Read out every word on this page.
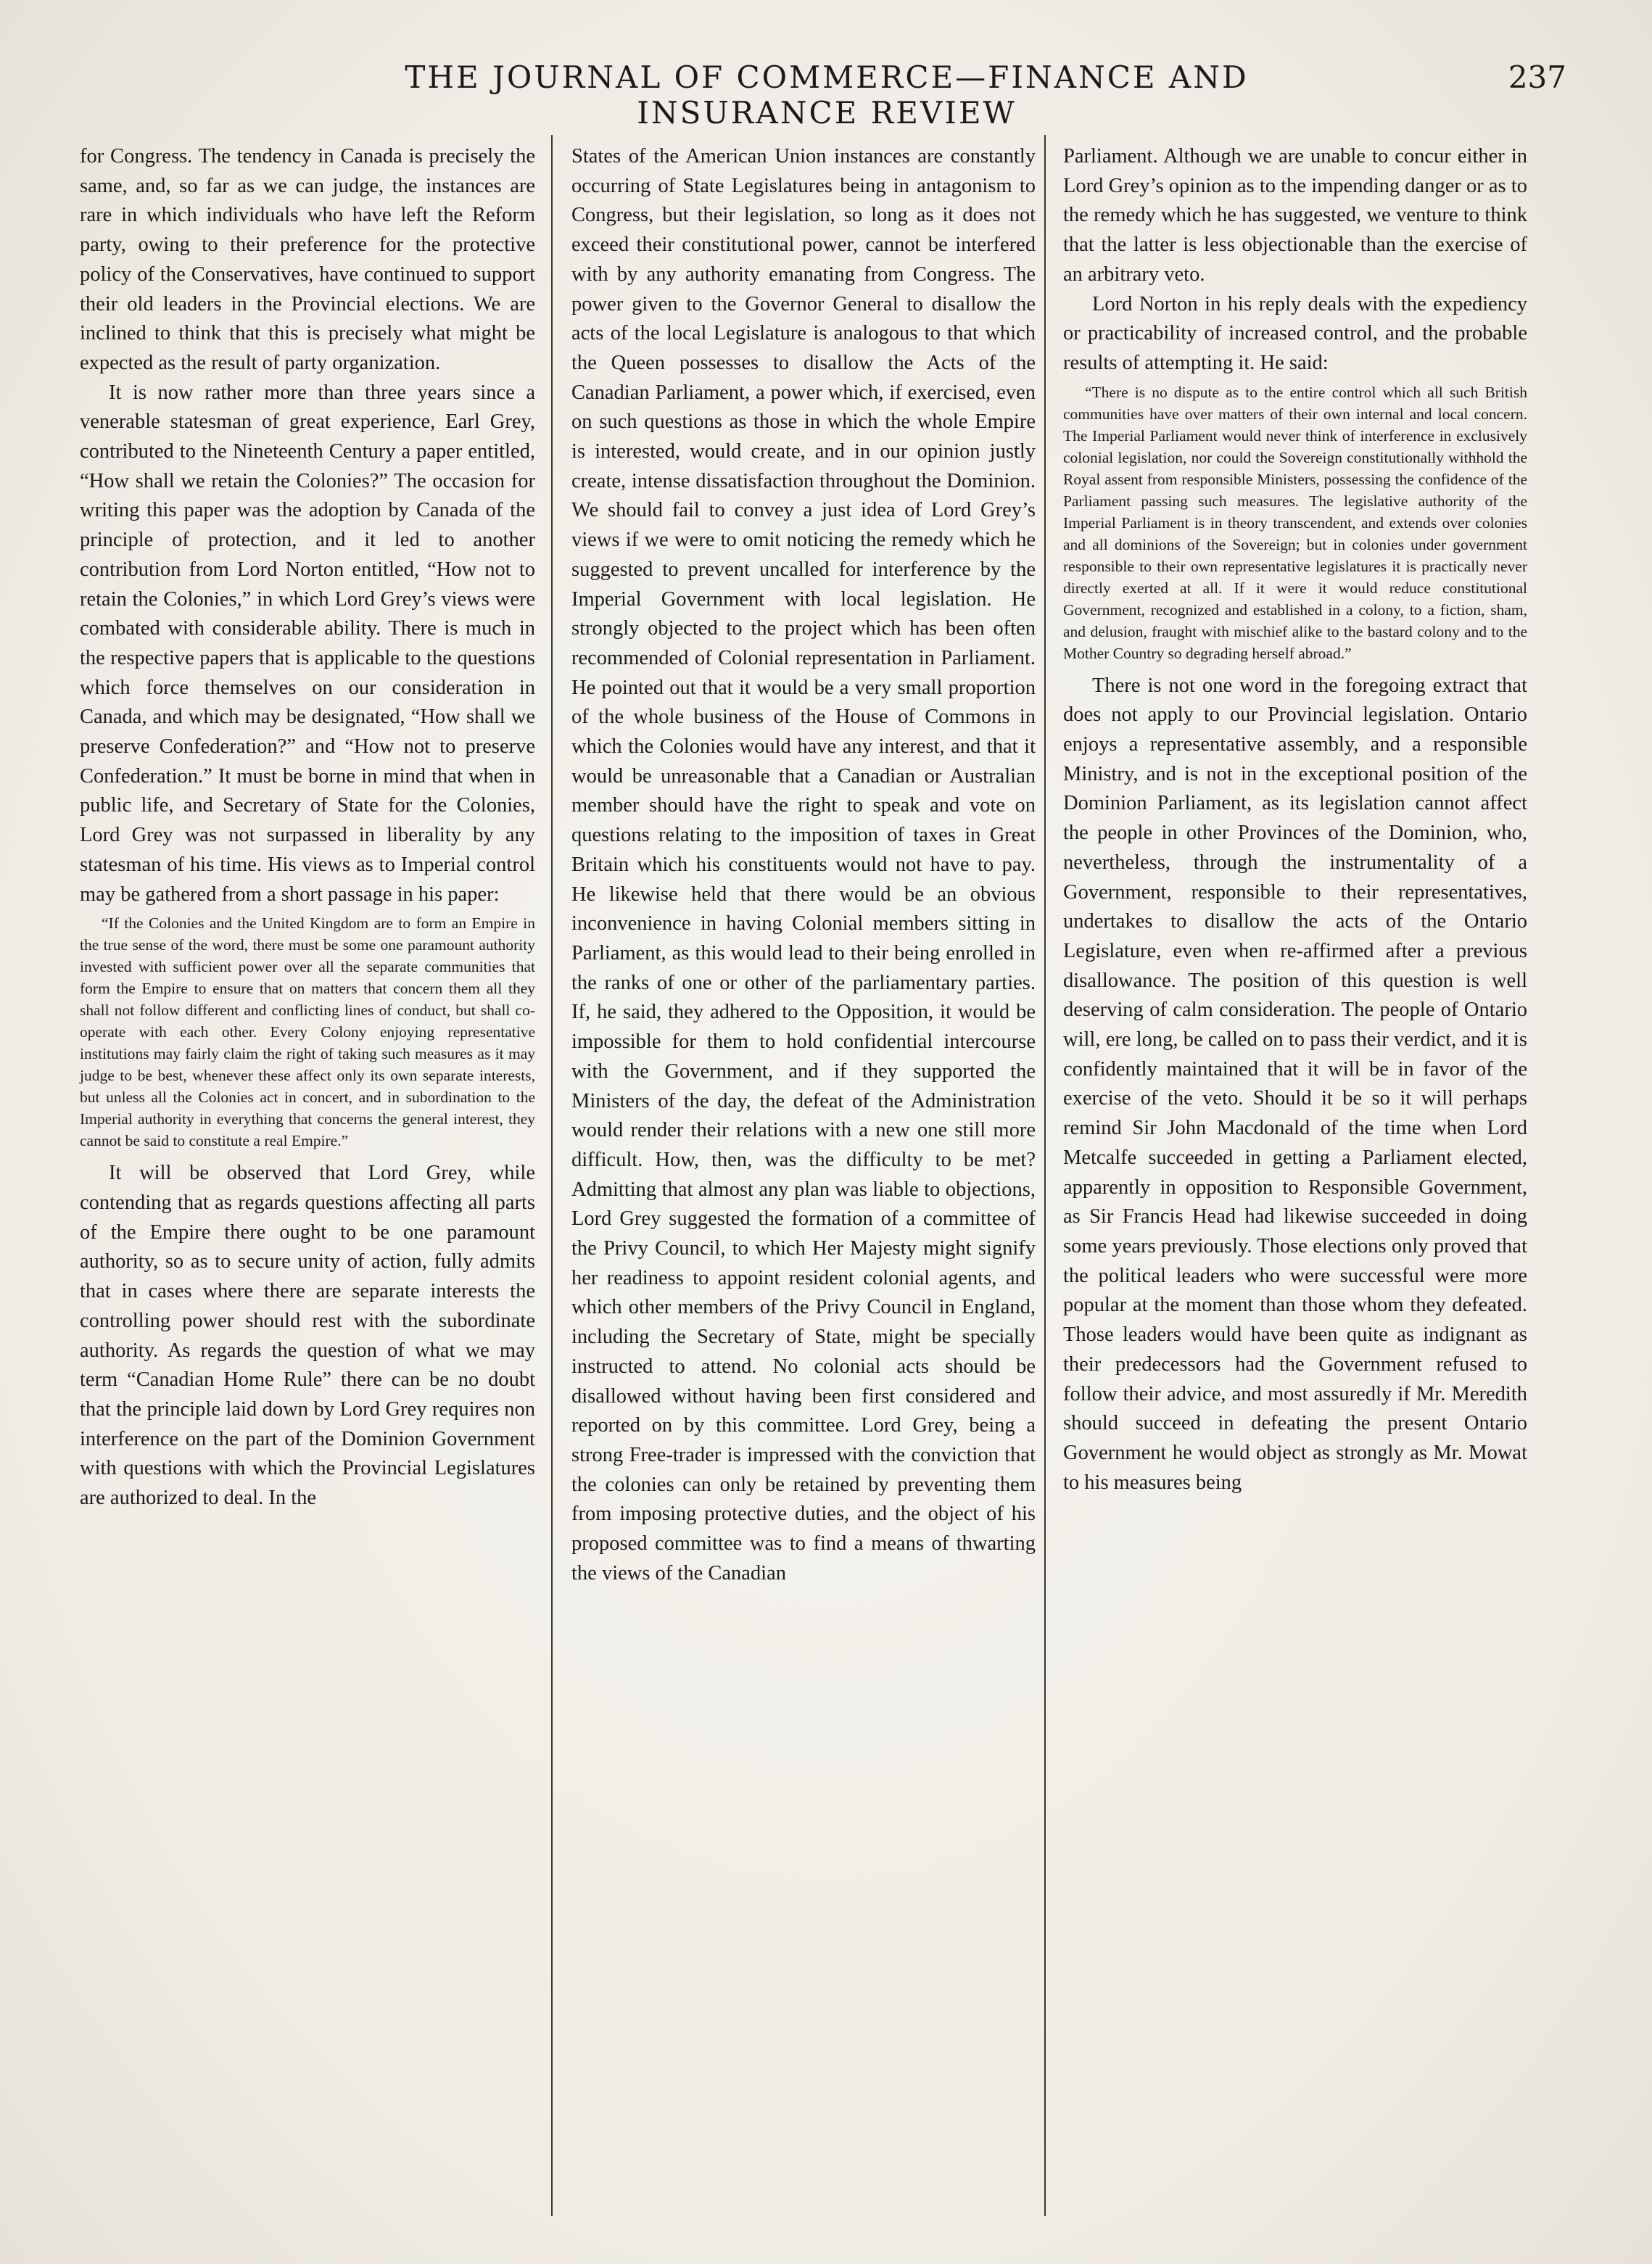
THE JOURNAL OF COMMERCE—FINANCE AND INSURANCE REVIEW
237

for Congress. The tendency in Canada is precisely the same, and, so far as we can judge, the instances are rare in which individuals who have left the Reform party, owing to their preference for the protective policy of the Conservatives, have continued to support their old leaders in the Provincial elections. We are inclined to think that this is precisely what might be expected as the result of party organization.

It is now rather more than three years since a venerable statesman of great experience, Earl Grey, contributed to the Nineteenth Century a paper entitled, “How shall we retain the Colonies?” The occasion for writing this paper was the adoption by Canada of the principle of protection, and it led to another contribution from Lord Norton entitled, “How not to retain the Colonies,” in which Lord Grey’s views were combated with considerable ability. There is much in the respective papers that is applicable to the questions which force themselves on our consideration in Canada, and which may be designated, “How shall we preserve Confederation?” and “How not to preserve Confederation.” It must be borne in mind that when in public life, and Secretary of State for the Colonies, Lord Grey was not surpassed in liberality by any statesman of his time. His views as to Imperial control may be gathered from a short passage in his paper:

“If the Colonies and the United Kingdom are to form an Empire in the true sense of the word, there must be some one paramount authority invested with sufficient power over all the separate communities that form the Empire to ensure that on matters that concern them all they shall not follow different and conflicting lines of conduct, but shall co-operate with each other. Every Colony enjoying representative institutions may fairly claim the right of taking such measures as it may judge to be best, whenever these affect only its own separate interests, but unless all the Colonies act in concert, and in subordination to the Imperial authority in everything that concerns the general interest, they cannot be said to constitute a real Empire.”

It will be observed that Lord Grey, while contending that as regards questions affecting all parts of the Empire there ought to be one paramount authority, so as to secure unity of action, fully admits that in cases where there are separate interests the controlling power should rest with the subordinate authority. As regards the question of what we may term “Canadian Home Rule” there can be no doubt that the principle laid down by Lord Grey requires non interference on the part of the Dominion Government with questions with which the Provincial Legislatures are authorized to deal. In the

States of the American Union instances are constantly occurring of State Legislatures being in antagonism to Congress, but their legislation, so long as it does not exceed their constitutional power, cannot be interfered with by any authority emanating from Congress. The power given to the Governor General to disallow the acts of the local Legislature is analogous to that which the Queen possesses to disallow the Acts of the Canadian Parliament, a power which, if exercised, even on such questions as those in which the whole Empire is interested, would create, and in our opinion justly create, intense dissatisfaction throughout the Dominion. We should fail to convey a just idea of Lord Grey’s views if we were to omit noticing the remedy which he suggested to prevent uncalled for interference by the Imperial Government with local legislation. He strongly objected to the project which has been often recommended of Colonial representation in Parliament. He pointed out that it would be a very small proportion of the whole business of the House of Commons in which the Colonies would have any interest, and that it would be unreasonable that a Canadian or Australian member should have the right to speak and vote on questions relating to the imposition of taxes in Great Britain which his constituents would not have to pay. He likewise held that there would be an obvious inconvenience in having Colonial members sitting in Parliament, as this would lead to their being enrolled in the ranks of one or other of the parliamentary parties. If, he said, they adhered to the Opposition, it would be impossible for them to hold confidential intercourse with the Government, and if they supported the Ministers of the day, the defeat of the Administration would render their relations with a new one still more difficult. How, then, was the difficulty to be met? Admitting that almost any plan was liable to objections, Lord Grey suggested the formation of a committee of the Privy Council, to which Her Majesty might signify her readiness to appoint resident colonial agents, and which other members of the Privy Council in England, including the Secretary of State, might be specially instructed to attend. No colonial acts should be disallowed without having been first considered and reported on by this committee. Lord Grey, being a strong Free-trader is impressed with the conviction that the colonies can only be retained by preventing them from imposing protective duties, and the object of his proposed committee was to find a means of thwarting the views of the Canadian

Parliament. Although we are unable to concur either in Lord Grey’s opinion as to the impending danger or as to the remedy which he has suggested, we venture to think that the latter is less objectionable than the exercise of an arbitrary veto.

Lord Norton in his reply deals with the expediency or practicability of increased control, and the probable results of attempting it. He said:

“There is no dispute as to the entire control which all such British communities have over matters of their own internal and local concern. The Imperial Parliament would never think of interference in exclusively colonial legislation, nor could the Sovereign constitutionally withhold the Royal assent from responsible Ministers, possessing the confidence of the Parliament passing such measures. The legislative authority of the Imperial Parliament is in theory transcendent, and extends over colonies and all dominions of the Sovereign; but in colonies under government responsible to their own representative legislatures it is practically never directly exerted at all. If it were it would reduce constitutional Government, recognized and established in a colony, to a fiction, sham, and delusion, fraught with mischief alike to the bastard colony and to the Mother Country so degrading herself abroad.”

There is not one word in the foregoing extract that does not apply to our Provincial legislation. Ontario enjoys a representative assembly, and a responsible Ministry, and is not in the exceptional position of the Dominion Parliament, as its legislation cannot affect the people in other Provinces of the Dominion, who, nevertheless, through the instrumentality of a Government, responsible to their representatives, undertakes to disallow the acts of the Ontario Legislature, even when re-affirmed after a previous disallowance. The position of this question is well deserving of calm consideration. The people of Ontario will, ere long, be called on to pass their verdict, and it is confidently maintained that it will be in favor of the exercise of the veto. Should it be so it will perhaps remind Sir John Macdonald of the time when Lord Metcalfe succeeded in getting a Parliament elected, apparently in opposition to Responsible Government, as Sir Francis Head had likewise succeeded in doing some years previously. Those elections only proved that the political leaders who were successful were more popular at the moment than those whom they defeated. Those leaders would have been quite as indignant as their predecessors had the Government refused to follow their advice, and most assuredly if Mr. Meredith should succeed in defeating the present Ontario Government he would object as strongly as Mr. Mowat to his measures being
